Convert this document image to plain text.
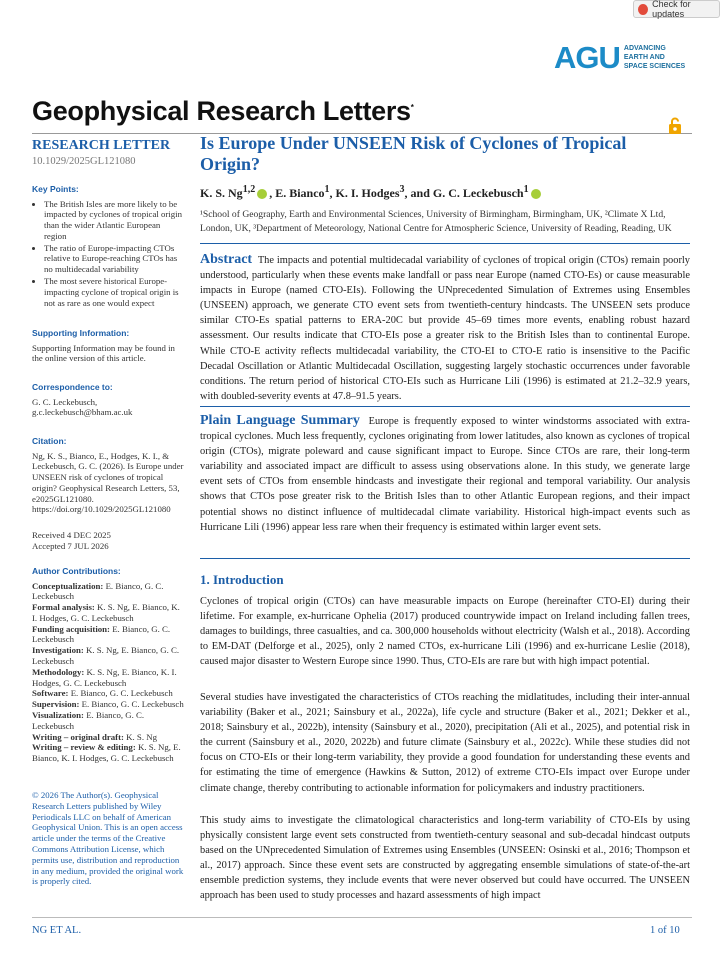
Check for updates
AGU ADVANCING
EARTH AND
SPACE SCIENCES
Geophysical Research Letters*
RESEARCH LETTER
10.1029/2025GL121080
Key Points:
• The British Isles are more likely to be impacted by cyclones of tropical origin than the wider Atlantic European region
• The ratio of Europe-impacting CTOs relative to Europe-reaching CTOs has no multidecadal variability
• The most severe historical Europe-impacting cyclone of tropical origin is not as rare as one would expect
Supporting Information:
Supporting Information may be found in the online version of this article.
Correspondence to:
G. C. Leckebusch,
g.c.leckebusch@bham.ac.uk
Citation:
Ng, K. S., Bianco, E., Hodges, K. I., & Leckebusch, G. C. (2026). Is Europe under UNSEEN risk of cyclones of tropical origin? Geophysical Research Letters, 53, e2025GL121080.
https://doi.org/10.1029/2025GL121080
Received 4 DEC 2025
Accepted 7 JUL 2026
Author Contributions:
Conceptualization: E. Bianco, G. C. Leckebusch
Formal analysis: K. S. Ng, E. Bianco, K. I. Hodges, G. C. Leckebusch
Funding acquisition: E. Bianco, G. C. Leckebusch
Investigation: K. S. Ng, E. Bianco, G. C. Leckebusch
Methodology: K. S. Ng, E. Bianco, K. I. Hodges, G. C. Leckebusch
Software: E. Bianco, G. C. Leckebusch
Supervision: E. Bianco, G. C. Leckebusch
Visualization: E. Bianco, G. C. Leckebusch
Writing – original draft: K. S. Ng
Writing – review & editing: K. S. Ng, E. Bianco, K. I. Hodges, G. C. Leckebusch
© 2026 The Author(s). Geophysical Research Letters published by Wiley Periodicals LLC on behalf of American Geophysical Union. This is an open access article under the terms of the Creative Commons Attribution License, which permits use, distribution and reproduction in any medium, provided the original work is properly cited.
Is Europe Under UNSEEN Risk of Cyclones of Tropical Origin?
K. S. Ng$^{1,2}$ , E. Bianco$^1$, K. I. Hodges$^3$, and G. C. Leckebusch$^1$
¹School of Geography, Earth and Environmental Sciences, University of Birmingham, Birmingham, UK, ²Climate X Ltd, London, UK, ³Department of Meteorology, National Centre for Atmospheric Science, University of Reading, Reading, UK
Abstract The impacts and potential multidecadal variability of cyclones of tropical origin (CTOs) remain poorly understood, particularly when these events make landfall or pass near Europe (named CTO-Es) or cause measurable impacts in Europe (named CTO-EIs). Following the UNprecedented Simulation of Extremes using Ensembles (UNSEEN) approach, we generate CTO event sets from twentieth-century hindcasts. The UNSEEN sets produce similar CTO-Es spatial patterns to ERA-20C but provide 45–69 times more events, enabling robust hazard assessment. Our results indicate that CTO-EIs pose a greater risk to the British Isles than to continental Europe. While CTO-E activity reflects multidecadal variability, the CTO-EI to CTO-E ratio is insensitive to the Pacific Decadal Oscillation or Atlantic Multidecadal Oscillation, suggesting largely stochastic occurrences under favorable conditions. The return period of historical CTO-EIs such as Hurricane Lili (1996) is estimated at 21.2–32.9 years, with doubled-severity events at 47.8–91.5 years.
Plain Language Summary Europe is frequently exposed to winter windstorms associated with extra-tropical cyclones. Much less frequently, cyclones originating from lower latitudes, also known as cyclones of tropical origin (CTOs), migrate poleward and cause significant impact to Europe. Since CTOs are rare, their long-term variability and associated impact are difficult to assess using observations alone. In this study, we generate large event sets of CTOs from ensemble hindcasts and investigate their regional and temporal variability. Our analysis shows that CTOs pose greater risk to the British Isles than to other Atlantic European regions, and their impact potential shows no distinct influence of multidecadal climate variability. Historical high-impact events such as Hurricane Lili (1996) appear less rare when their frequency is estimated within larger event sets.
1. Introduction
Cyclones of tropical origin (CTOs) can have measurable impacts on Europe (hereinafter CTO-EI) during their lifetime. For example, ex-hurricane Ophelia (2017) produced countrywide impact on Ireland including fallen trees, damages to buildings, three casualties, and ca. 300,000 households without electricity (Walsh et al., 2018). According to EM-DAT (Delforge et al., 2025), only 2 named CTOs, ex-hurricane Lili (1996) and ex-hurricane Leslie (2018), caused major disaster to Western Europe since 1990. Thus, CTO-EIs are rare but with high impact potential.
Several studies have investigated the characteristics of CTOs reaching the midlatitudes, including their inter-annual variability (Baker et al., 2021; Sainsbury et al., 2022a), life cycle and structure (Baker et al., 2021; Dekker et al., 2018; Sainsbury et al., 2022b), intensity (Sainsbury et al., 2020), precipitation (Ali et al., 2025), and potential risk in the current (Sainsbury et al., 2020, 2022b) and future climate (Sainsbury et al., 2022c). While these studies did not focus on CTO-EIs or their long-term variability, they provide a good foundation for understanding these events and for estimating the time of emergence (Hawkins & Sutton, 2012) of extreme CTO-EIs impact over Europe under climate change, thereby contributing to actionable information for policymakers and industry practitioners.
This study aims to investigate the climatological characteristics and long-term variability of CTO-EIs by using physically consistent large event sets constructed from twentieth-century seasonal and sub-decadal hindcast outputs based on the UNprecedented Simulation of Extremes using Ensembles (UNSEEN: Osinski et al., 2016; Thompson et al., 2017) approach. Since these event sets are constructed by aggregating ensemble simulations of state-of-the-art ensemble prediction systems, they include events that were never observed but could have occurred. The UNSEEN approach has been used to study processes and hazard assessments of high impact
NG ET AL.	1 of 10
